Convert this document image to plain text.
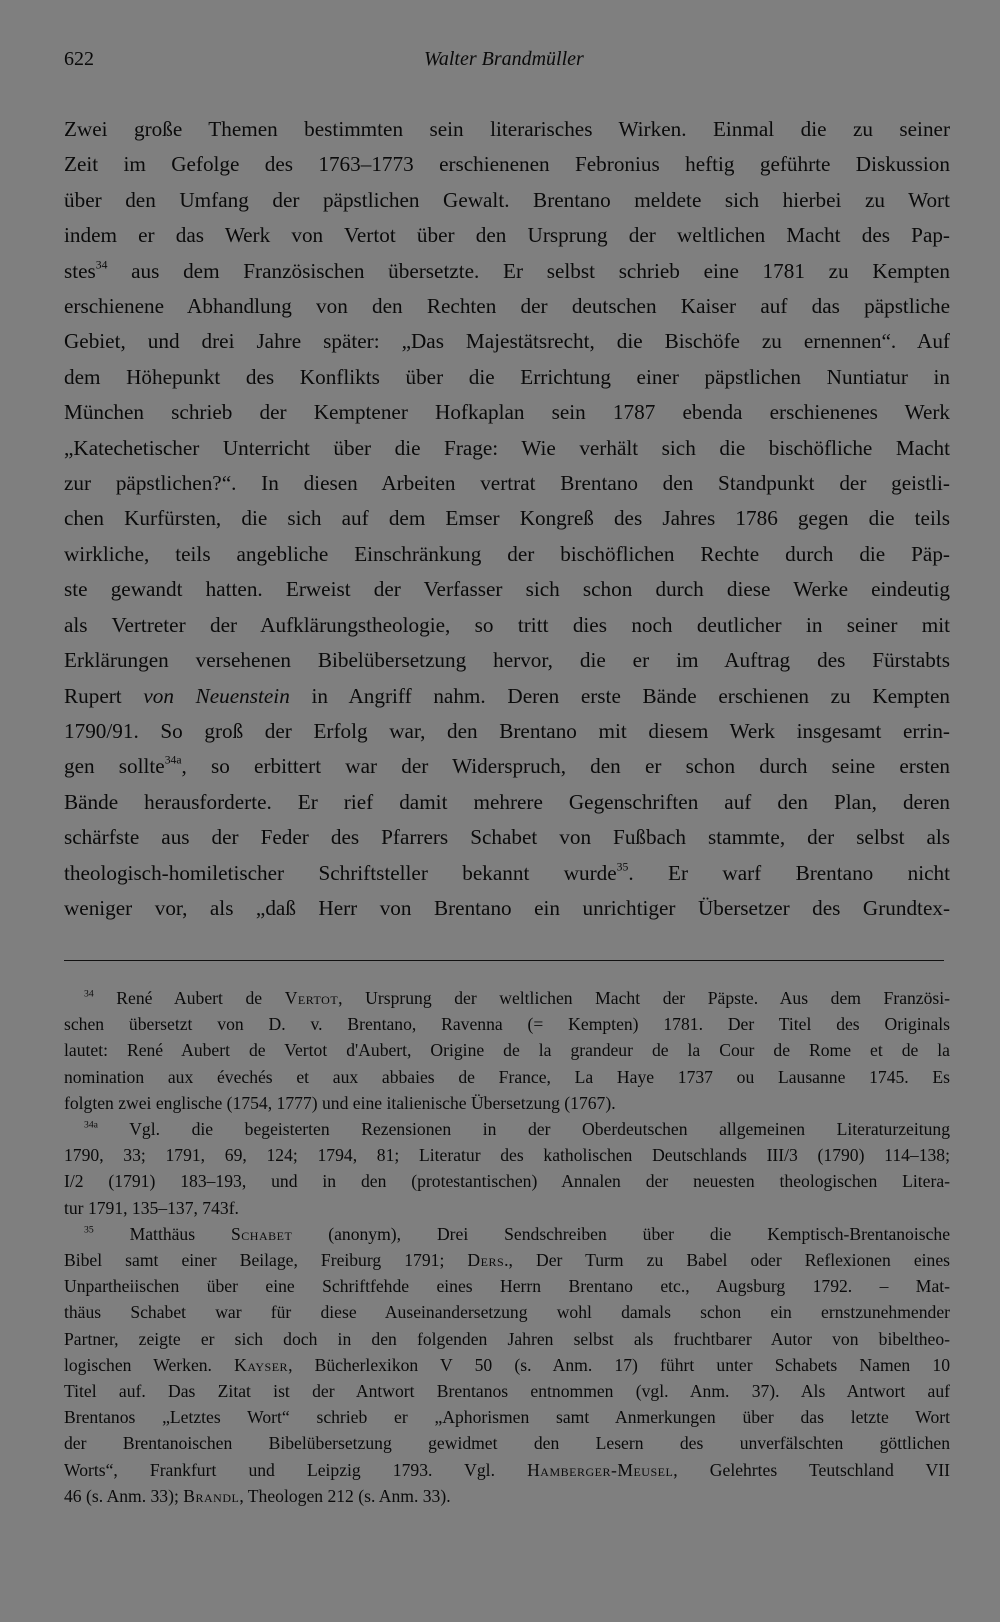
622	Walter Brandmüller
Zwei große Themen bestimmten sein literarisches Wirken. Einmal die zu seiner
Zeit im Gefolge des 1763–1773 erschienenen Febronius heftig geführte Diskussion
über den Umfang der päpstlichen Gewalt. Brentano meldete sich hierbei zu Wort
indem er das Werk von Vertot über den Ursprung der weltlichen Macht des Pap-
stes$^{34}$ aus dem Französischen übersetzte. Er selbst schrieb eine 1781 zu Kempten
erschienene Abhandlung von den Rechten der deutschen Kaiser auf das päpstliche
Gebiet, und drei Jahre später: „Das Majestätsrecht, die Bischöfe zu ernennen“. Auf
dem Höhepunkt des Konflikts über die Errichtung einer päpstlichen Nuntiatur in
München schrieb der Kemptener Hofkaplan sein 1787 ebenda erschienenes Werk
„Katechetischer Unterricht über die Frage: Wie verhält sich die bischöfliche Macht
zur päpstlichen?“. In diesen Arbeiten vertrat Brentano den Standpunkt der geistli-
chen Kurfürsten, die sich auf dem Emser Kongreß des Jahres 1786 gegen die teils
wirkliche, teils angebliche Einschränkung der bischöflichen Rechte durch die Päp-
ste gewandt hatten. Erweist der Verfasser sich schon durch diese Werke eindeutig
als Vertreter der Aufklärungstheologie, so tritt dies noch deutlicher in seiner mit
Erklärungen versehenen Bibelübersetzung hervor, die er im Auftrag des Fürstabts
Rupert von Neuenstein in Angriff nahm. Deren erste Bände erschienen zu Kempten
1790/91. So groß der Erfolg war, den Brentano mit diesem Werk insgesamt errin-
gen sollte$^{34a}$, so erbittert war der Widerspruch, den er schon durch seine ersten
Bände herausforderte. Er rief damit mehrere Gegenschriften auf den Plan, deren
schärfste aus der Feder des Pfarrers Schabet von Fußbach stammte, der selbst als
theologisch-homiletischer Schriftsteller bekannt wurde$^{35}$. Er warf Brentano nicht
weniger vor, als „daß Herr von Brentano ein unrichtiger Übersetzer des Grundtex-
$^{34}$ René Aubert de Vertot, Ursprung der weltlichen Macht der Päpste. Aus dem Französi-
schen übersetzt von D. v. Brentano, Ravenna (= Kempten) 1781. Der Titel des Originals
lautet: René Aubert de Vertot d'Aubert, Origine de la grandeur de la Cour de Rome et de la
nomination aux évechés et aux abbaies de France, La Haye 1737 ou Lausanne 1745. Es
folgten zwei englische (1754, 1777) und eine italienische Übersetzung (1767).
$^{34a}$ Vgl. die begeisterten Rezensionen in der Oberdeutschen allgemeinen Literaturzeitung
1790, 33; 1791, 69, 124; 1794, 81; Literatur des katholischen Deutschlands III/3 (1790) 114–138;
I/2 (1791) 183–193, und in den (protestantischen) Annalen der neuesten theologischen Litera-
tur 1791, 135–137, 743f.
$^{35}$ Matthäus Schabet (anonym), Drei Sendschreiben über die Kemptisch-Brentanoische
Bibel samt einer Beilage, Freiburg 1791; Ders., Der Turm zu Babel oder Reflexionen eines
Unpartheiischen über eine Schriftfehde eines Herrn Brentano etc., Augsburg 1792. – Mat-
thäus Schabet war für diese Auseinandersetzung wohl damals schon ein ernstzunehmender
Partner, zeigte er sich doch in den folgenden Jahren selbst als fruchtbarer Autor von bibeltheo-
logischen Werken. Kayser, Bücherlexikon V 50 (s. Anm. 17) führt unter Schabets Namen 10
Titel auf. Das Zitat ist der Antwort Brentanos entnommen (vgl. Anm. 37). Als Antwort auf
Brentanos „Letztes Wort“ schrieb er „Aphorismen samt Anmerkungen über das letzte Wort
der Brentanoischen Bibelübersetzung gewidmet den Lesern des unverfälschten göttlichen
Worts“, Frankfurt und Leipzig 1793. Vgl. Hamberger-Meusel, Gelehrtes Teutschland VII
46 (s. Anm. 33); Brandl, Theologen 212 (s. Anm. 33).
